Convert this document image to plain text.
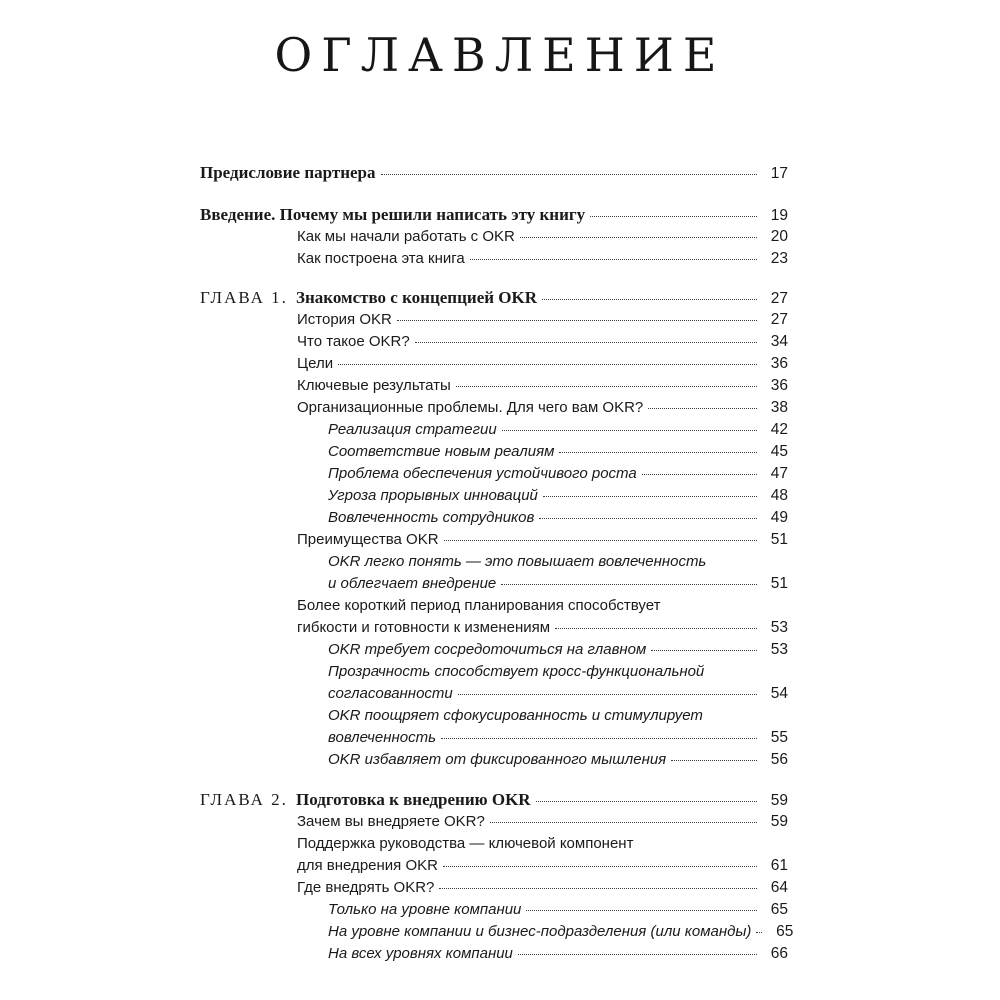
ОГЛАВЛЕНИЕ
Предисловие партнера	17
Введение. Почему мы решили написать эту книгу	19
Как мы начали работать с OKR	20
Как построена эта книга	23
ГЛАВА 1. Знакомство с концепцией OKR	27
История OKR	27
Что такое OKR?	34
Цели	36
Ключевые результаты	36
Организационные проблемы. Для чего вам OKR?	38
Реализация стратегии	42
Соответствие новым реалиям	45
Проблема обеспечения устойчивого роста	47
Угроза прорывных инноваций	48
Вовлеченность сотрудников	49
Преимущества OKR	51
OKR легко понять — это повышает вовлеченность
и облегчает внедрение	51
Более короткий период планирования способствует
гибкости и готовности к изменениям	53
OKR требует сосредоточиться на главном	53
Прозрачность способствует кросс-функциональной
согласованности	54
OKR поощряет сфокусированность и стимулирует
вовлеченность	55
OKR избавляет от фиксированного мышления	56
ГЛАВА 2. Подготовка к внедрению OKR	59
Зачем вы внедряете OKR?	59
Поддержка руководства — ключевой компонент
для внедрения OKR	61
Где внедрять OKR?	64
Только на уровне компании	65
На уровне компании и бизнес-подразделения (или команды)	65
На всех уровнях компании	66
